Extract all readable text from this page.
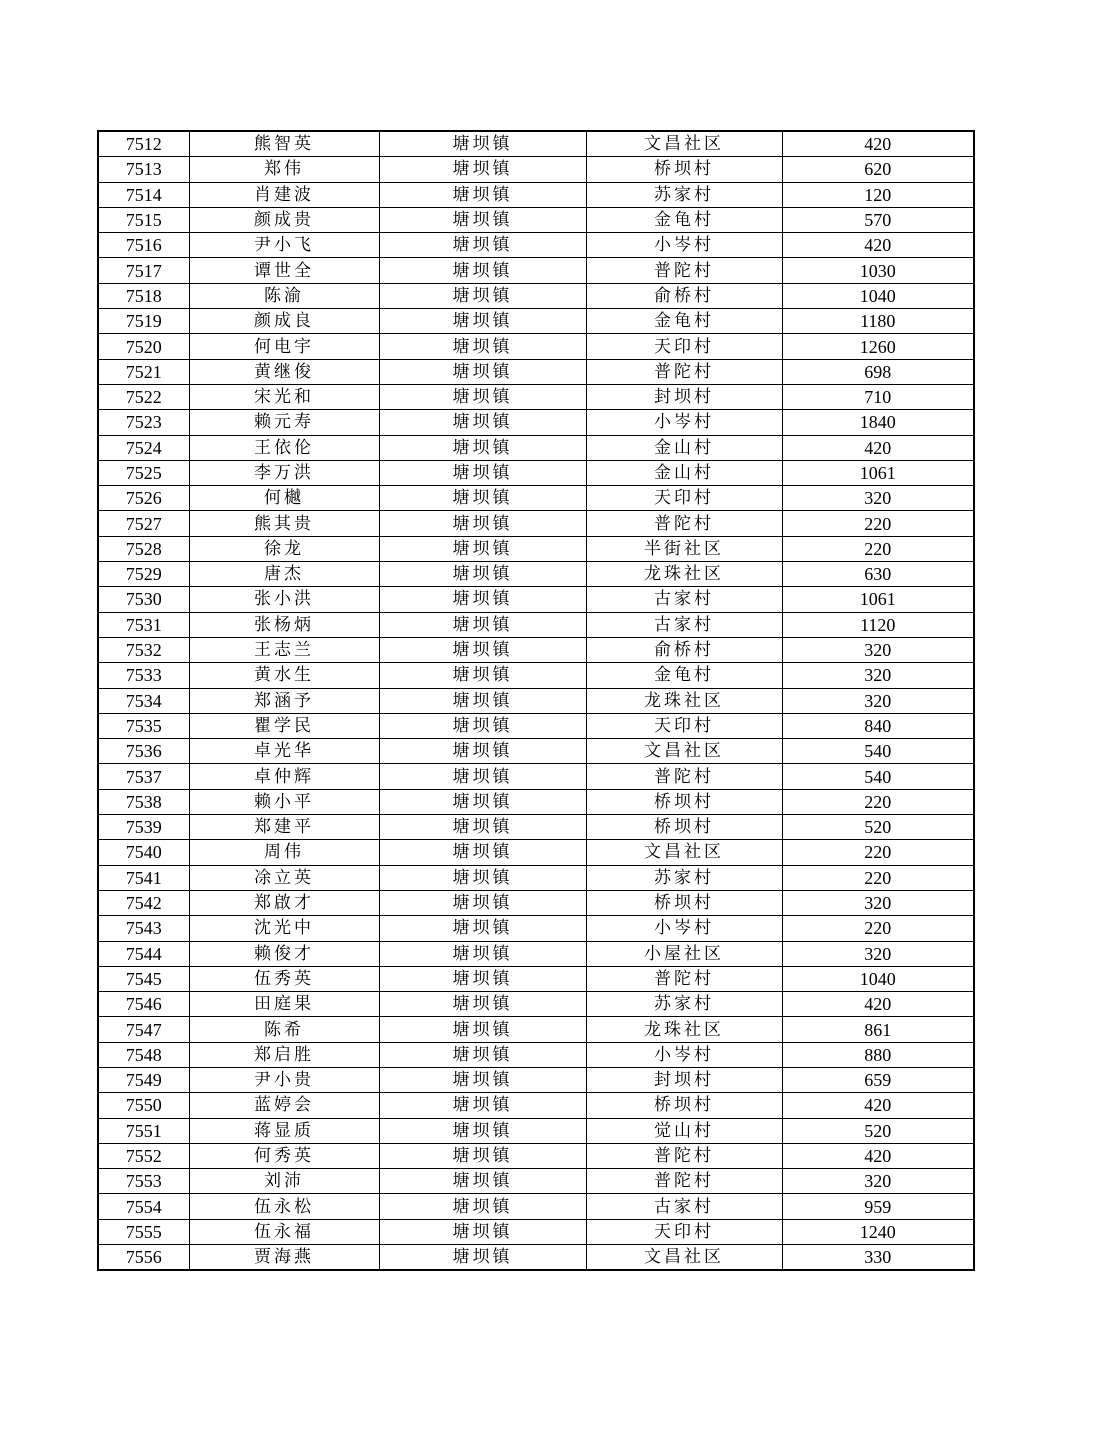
7512	熊智英	塘坝镇	文昌社区	420
7513	郑伟	塘坝镇	桥坝村	620
7514	肖建波	塘坝镇	苏家村	120
7515	颜成贵	塘坝镇	金龟村	570
7516	尹小飞	塘坝镇	小岑村	420
7517	谭世全	塘坝镇	普陀村	1030
7518	陈渝	塘坝镇	俞桥村	1040
7519	颜成良	塘坝镇	金龟村	1180
7520	何电宇	塘坝镇	天印村	1260
7521	黄继俊	塘坝镇	普陀村	698
7522	宋光和	塘坝镇	封坝村	710
7523	赖元寿	塘坝镇	小岑村	1840
7524	王依伦	塘坝镇	金山村	420
7525	李万洪	塘坝镇	金山村	1061
7526	何樾	塘坝镇	天印村	320
7527	熊其贵	塘坝镇	普陀村	220
7528	徐龙	塘坝镇	半街社区	220
7529	唐杰	塘坝镇	龙珠社区	630
7530	张小洪	塘坝镇	古家村	1061
7531	张杨炳	塘坝镇	古家村	1120
7532	王志兰	塘坝镇	俞桥村	320
7533	黄水生	塘坝镇	金龟村	320
7534	郑涵予	塘坝镇	龙珠社区	320
7535	瞿学民	塘坝镇	天印村	840
7536	卓光华	塘坝镇	文昌社区	540
7537	卓仲辉	塘坝镇	普陀村	540
7538	赖小平	塘坝镇	桥坝村	220
7539	郑建平	塘坝镇	桥坝村	520
7540	周伟	塘坝镇	文昌社区	220
7541	凃立英	塘坝镇	苏家村	220
7542	郑啟才	塘坝镇	桥坝村	320
7543	沈光中	塘坝镇	小岑村	220
7544	赖俊才	塘坝镇	小屋社区	320
7545	伍秀英	塘坝镇	普陀村	1040
7546	田庭果	塘坝镇	苏家村	420
7547	陈希	塘坝镇	龙珠社区	861
7548	郑启胜	塘坝镇	小岑村	880
7549	尹小贵	塘坝镇	封坝村	659
7550	蓝婷会	塘坝镇	桥坝村	420
7551	蒋显质	塘坝镇	觉山村	520
7552	何秀英	塘坝镇	普陀村	420
7553	刘沛	塘坝镇	普陀村	320
7554	伍永松	塘坝镇	古家村	959
7555	伍永福	塘坝镇	天印村	1240
7556	贾海燕	塘坝镇	文昌社区	330
